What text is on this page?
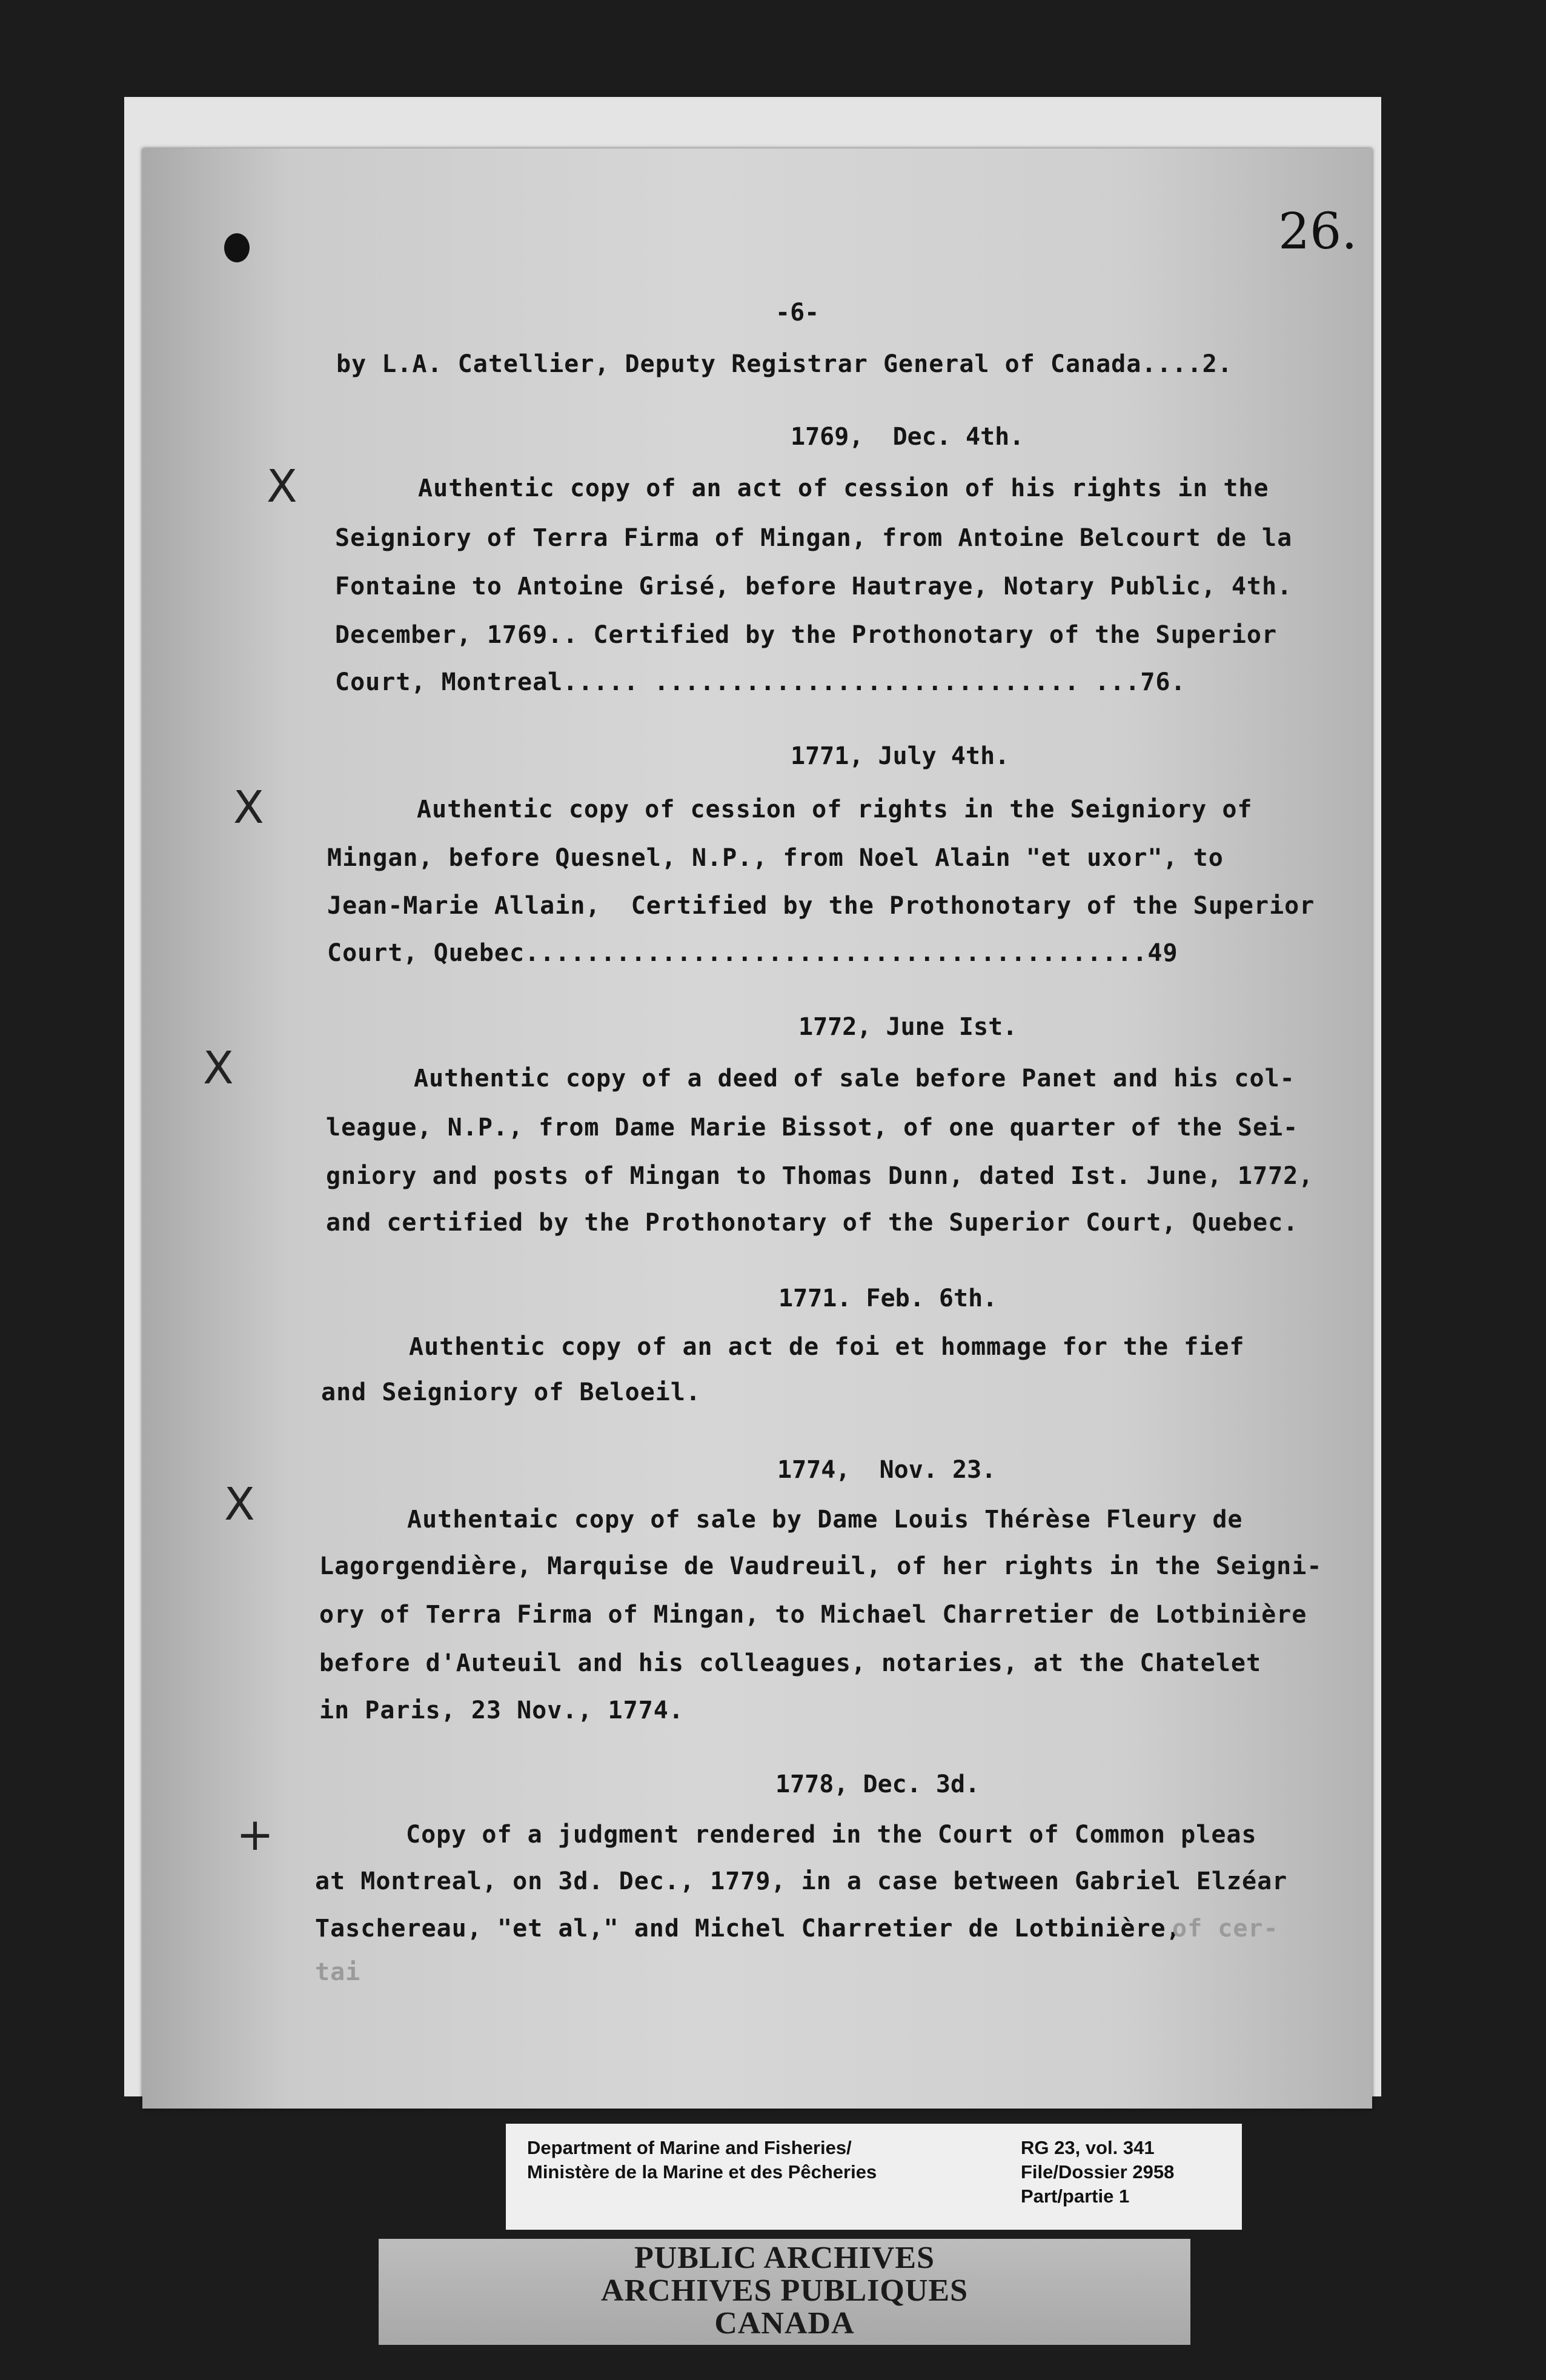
26.
-6-
by L.A. Catellier, Deputy Registrar General of Canada....2.
1769,  Dec. 4th.
Authentic copy of an act of cession of his rights in the
Seigniory of Terra Firma of Mingan, from Antoine Belcourt de la
Fontaine to Antoine Grisé, before Hautraye, Notary Public, 4th.
December, 1769.. Certified by the Prothonotary of the Superior
Court, Montreal..... ............................ ...76.
1771, July 4th.
Authentic copy of cession of rights in the Seigniory of
Mingan, before Quesnel, N.P., from Noel Alain "et uxor", to
Jean-Marie Allain,  Certified by the Prothonotary of the Superior
Court, Quebec.........................................49
1772, June Ist.
Authentic copy of a deed of sale before Panet and his col-
league, N.P., from Dame Marie Bissot, of one quarter of the Sei-
gniory and posts of Mingan to Thomas Dunn, dated Ist. June, 1772,
and certified by the Prothonotary of the Superior Court, Quebec.
1771. Feb. 6th.
Authentic copy of an act de foi et hommage for the fief
and Seigniory of Beloeil.
1774,  Nov. 23.
Authentaic copy of sale by Dame Louis Thérèse Fleury de
Lagorgendière, Marquise de Vaudreuil, of her rights in the Seigni-
ory of Terra Firma of Mingan, to Michael Charretier de Lotbinière
before d'Auteuil and his colleagues, notaries, at the Chatelet
in Paris, 23 Nov., 1774.
1778, Dec. 3d.
Copy of a judgment rendered in the Court of Common pleas
at Montreal, on 3d. Dec., 1779, in a case between Gabriel Elzéar
Taschereau, "et al," and Michel Charretier de Lotbinière,
of cer-
tai
X
X
X
X
+
Department of Marine and Fisheries/
Ministère de la Marine et des Pêcheries
RG 23, vol. 341
File/Dossier 2958
Part/partie 1
PUBLIC ARCHIVES
ARCHIVES PUBLIQUES
CANADA
